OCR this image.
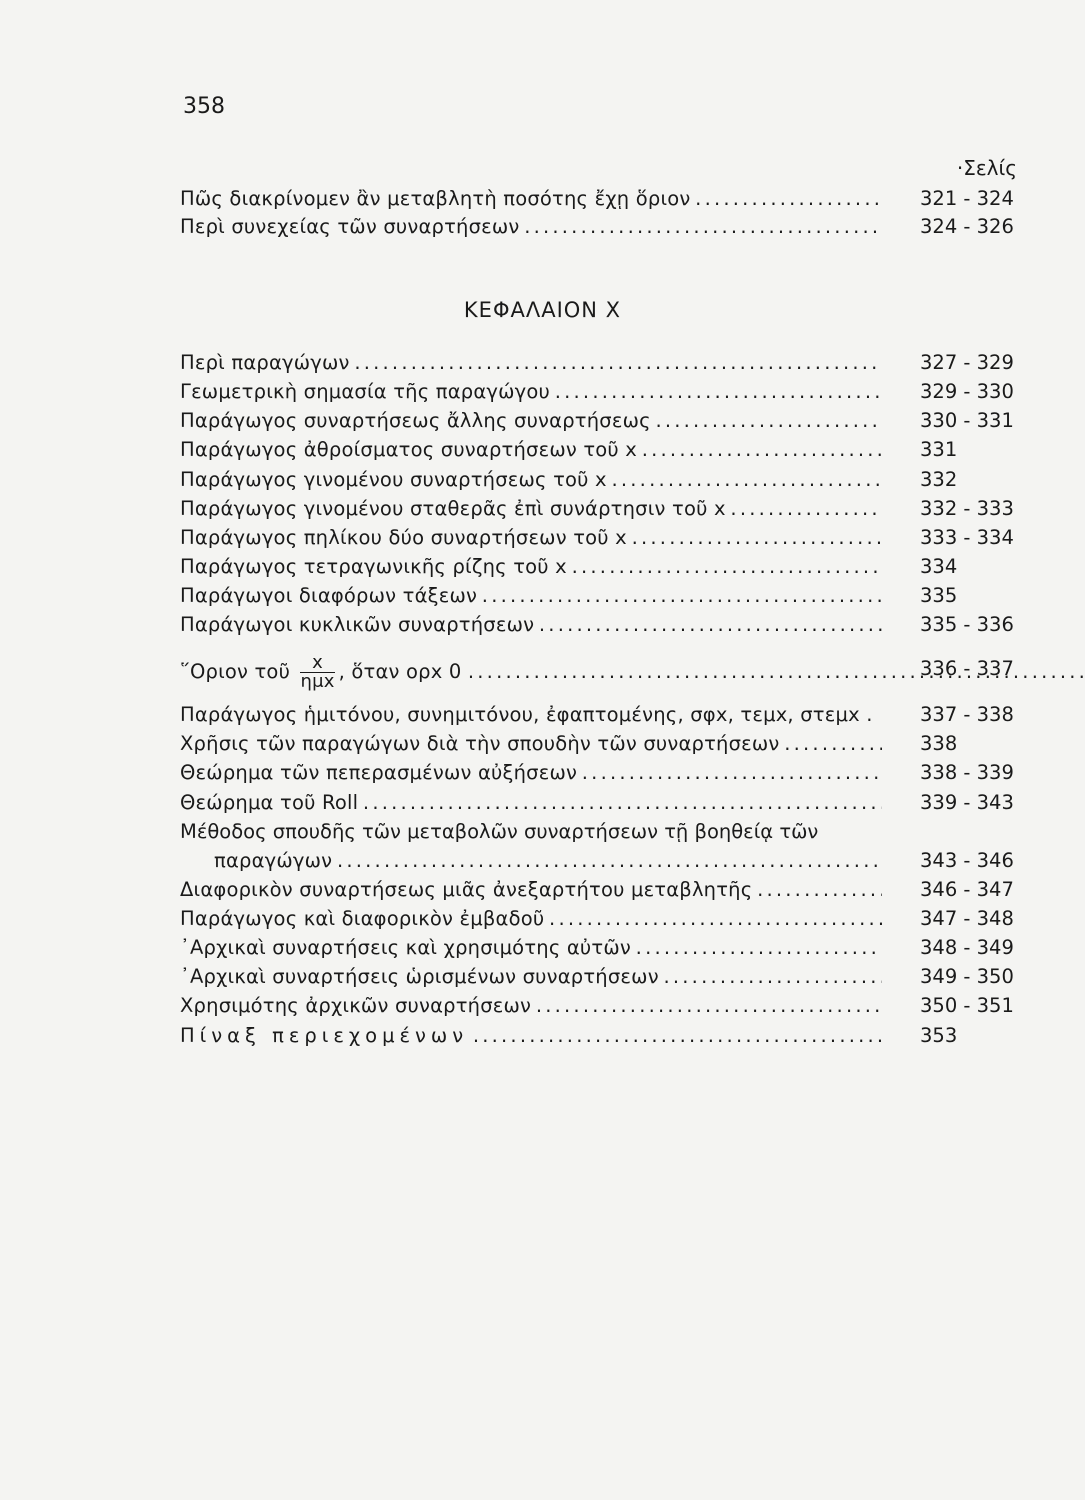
358
·Σελίς
Πῶς διακρίνομεν ἂν μεταβλητὴ ποσότης ἔχῃ ὅριον . . .	321 - 324
Περὶ συνεχείας τῶν συναρτήσεων . . .	324 - 326
ΚΕΦΑΛΑΙΟΝ Χ
Περὶ παραγώγων . . .	327 - 329
Γεωμετρικὴ σημασία τῆς παραγώγου . . .	329 - 330
Παράγωγος συναρτήσεως ἄλλης συναρτήσεως . . .	330 - 331
Παράγωγος ἀθροίσματος συναρτήσεων τοῦ x . . .	331
Παράγωγος γινομένου συναρτήσεως τοῦ x . . .	332
Παράγωγος γινομένου σταθερᾶς ἐπὶ συνάρτησιν τοῦ x . . .	332 - 333
Παράγωγος πηλίκου δύο συναρτήσεων τοῦ x . . .	333 - 334
Παράγωγος τετραγωνικῆς ρίζης τοῦ x . . .	334
Παράγωγοι διαφόρων τάξεων . . .	335
Παράγωγοι κυκλικῶν συναρτήσεων . . .	335 - 336
῞Οριον τοῦ $\frac{x}{\text{ημx}}$ , ὅταν ορx 0 . . .	336 - 337
Παράγωγος ἡμιτόνου, συνημιτόνου, ἐφαπτομένης, σφx, τεμx, στεμx .	337 - 338
Χρῆσις τῶν παραγώγων διὰ τὴν σπουδὴν τῶν συναρτήσεων . . .	338
Θεώρημα τῶν πεπερασμένων αὐξήσεων . . .	338 - 339
Θεώρημα τοῦ Roll . . .	339 - 343
Μέθοδος σπουδῆς τῶν μεταβολῶν συναρτήσεων τῇ βοηθείᾳ τῶν
παραγώγων . . .	343 - 346
Διαφορικὸν συναρτήσεως μιᾶς ἀνεξαρτήτου μεταβλητῆς . . .	346 - 347
Παράγωγος καὶ διαφορικὸν ἐμβαδοῦ . . .	347 - 348
᾿Αρχικαὶ συναρτήσεις καὶ χρησιμότης αὐτῶν . . .	348 - 349
᾿Αρχικαὶ συναρτήσεις ὡρισμένων συναρτήσεων . . .	349 - 350
Χρησιμότης ἀρχικῶν συναρτήσεων . . .	350 - 351
Πίναξ περιεχομένων . . .	353
